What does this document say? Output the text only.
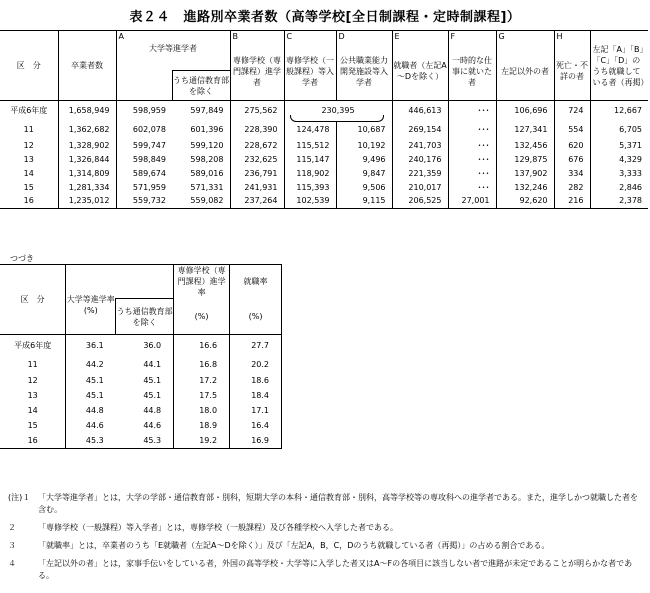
表２４　進路別卒業者数（高等学校[全日制課程・定時制課程]）
区　分	卒業者数	A		B	C	D	E	F	G	H	左記「A」「B」「C」「D」のうち就職している者（再掲）
		大学等進学者		専修学校（専門課程）進学者	専修学校（一般課程）等入学者	公共職業能力開発施設等入学者	就職者（左記A～Dを除く）	一時的な仕事に就いた者	左記以外の者	死亡・不詳の者	
			うち通信教育部を除く								

平成6年度	1,658,949	598,959	597,849	275,562	230,395		446,613	･･･	106,696	724	12,667
11	1,362,682	602,078	601,396	228,390	124,478	10,687	269,154	･･･	127,341	554	6,705
12	1,328,902	599,747	599,120	228,672	115,512	10,192	241,703	･･･	132,456	620	5,371
13	1,326,844	598,849	598,208	232,625	115,147	9,496	240,176	･･･	129,875	676	4,329
14	1,314,809	589,674	589,016	236,791	118,902	9,847	221,359	･･･	137,902	334	3,333
15	1,281,334	571,959	571,331	241,931	115,393	9,506	210,017	･･･	132,246	282	2,846
16	1,235,012	559,732	559,082	237,264	102,539	9,115	206,525	27,001	92,620	216	2,378
つづき
区　分			専修学校（専門課程）進学率	就職率

	大学等進学率
(%)			

		うち通信教育部を除く	(%)	(%)

平成6年度	36.1	36.0	16.6	27.7
11	44.2	44.1	16.8	20.2
12	45.1	45.1	17.2	18.6
13	45.1	45.1	17.5	18.4
14	44.8	44.8	18.0	17.1
15	44.6	44.6	18.9	16.4
16	45.3	45.3	19.2	16.9
(注)１ 「大学等進学者」とは，大学の学部・通信教育部・別科，短期大学の本科・通信教育部・別科，高等学校等の専攻科への進学者である。また，進学しかつ就職した者を含む。
２	「専修学校（一般課程）等入学者」とは，専修学校（一般課程）及び各種学校へ入学した者である。
３	「就職率」とは，卒業者のうち「E就職者（左記A～Dを除く）」及び「左記A，B，C，Dのうち就職している者（再掲）」の占める割合である。
４	「左記以外の者」とは，家事手伝いをしている者，外国の高等学校・大学等に入学した者又はA～Fの各項目に該当しない者で進路が未定であることが明らかな者である。
